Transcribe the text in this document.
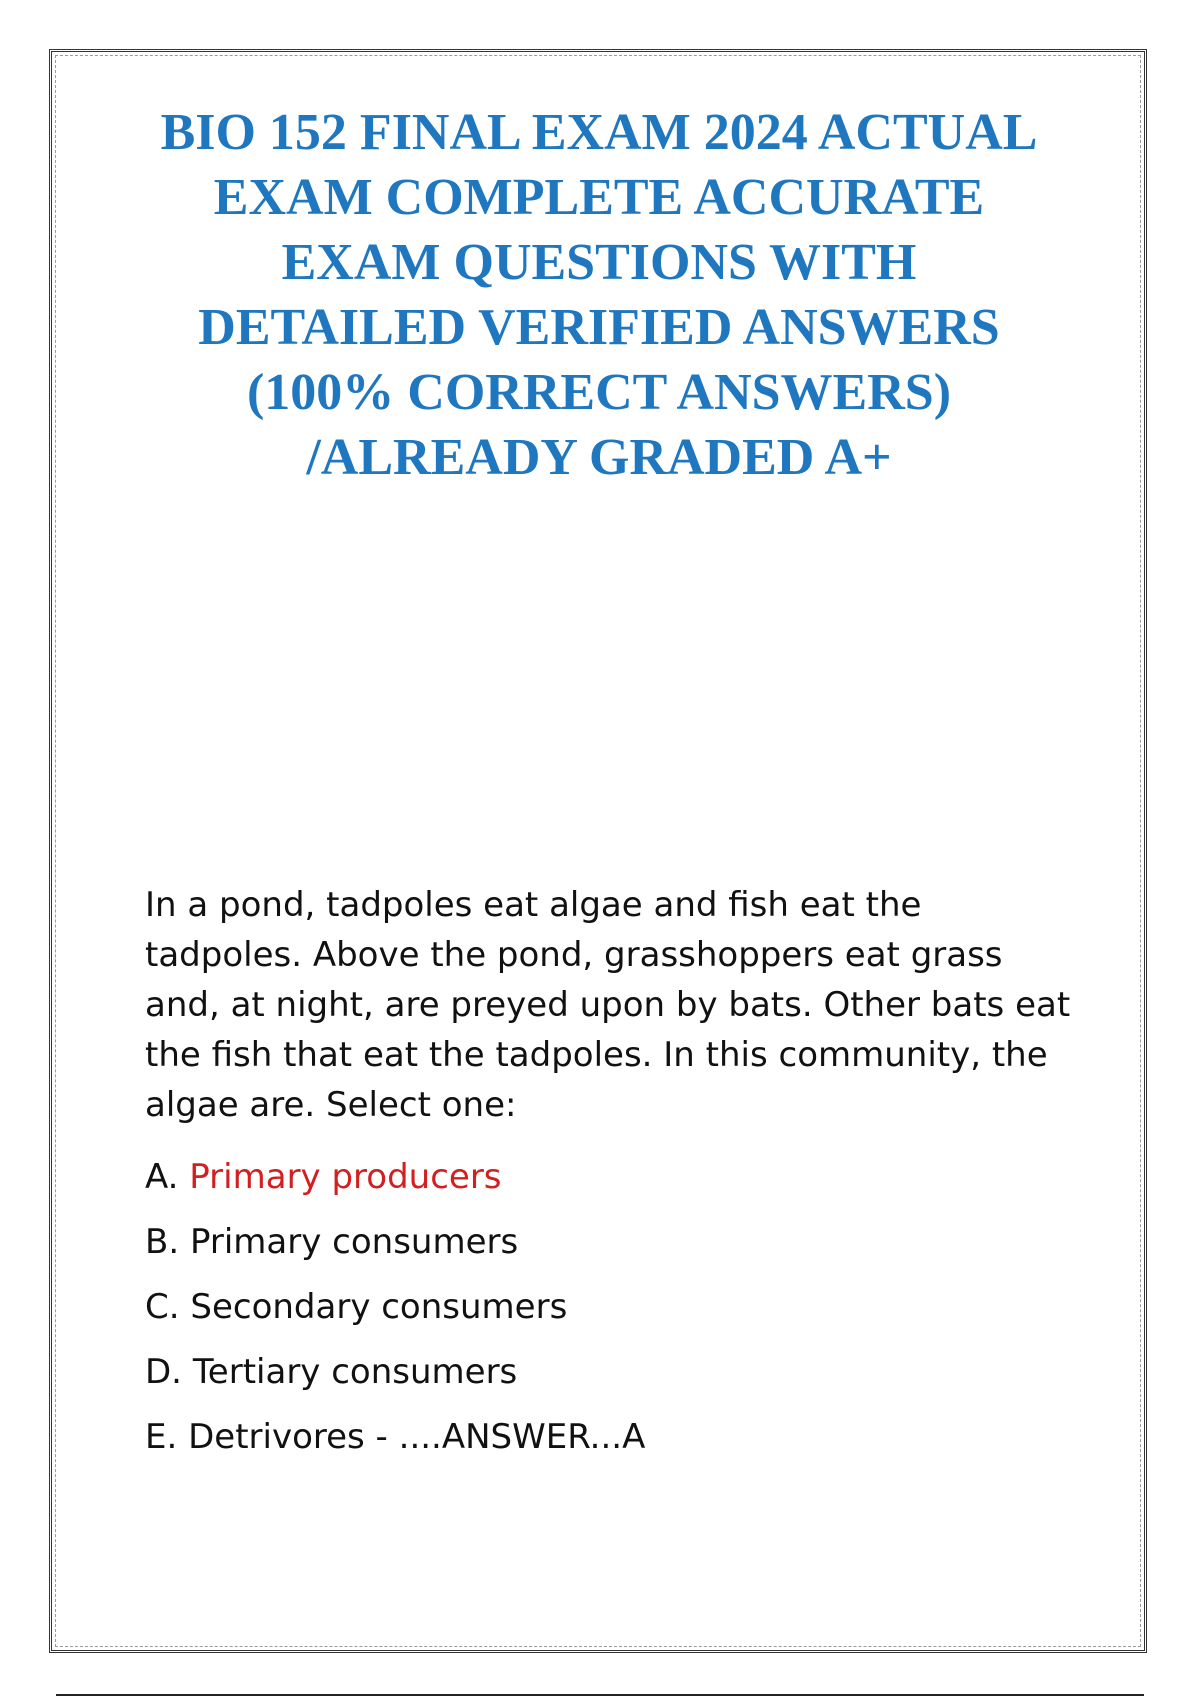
BIO 152 FINAL EXAM 2024 ACTUAL
EXAM COMPLETE ACCURATE
EXAM QUESTIONS WITH
DETAILED VERIFIED ANSWERS
(100% CORRECT ANSWERS)
/ALREADY GRADED A+

In a pond, tadpoles eat algae and fish eat the
tadpoles. Above the pond, grasshoppers eat grass
and, at night, are preyed upon by bats. Other bats eat
the fish that eat the tadpoles. In this community, the
algae are. Select one:

A. Primary producers
B. Primary consumers
C. Secondary consumers
D. Tertiary consumers
E. Detrivores - ....ANSWER...A
